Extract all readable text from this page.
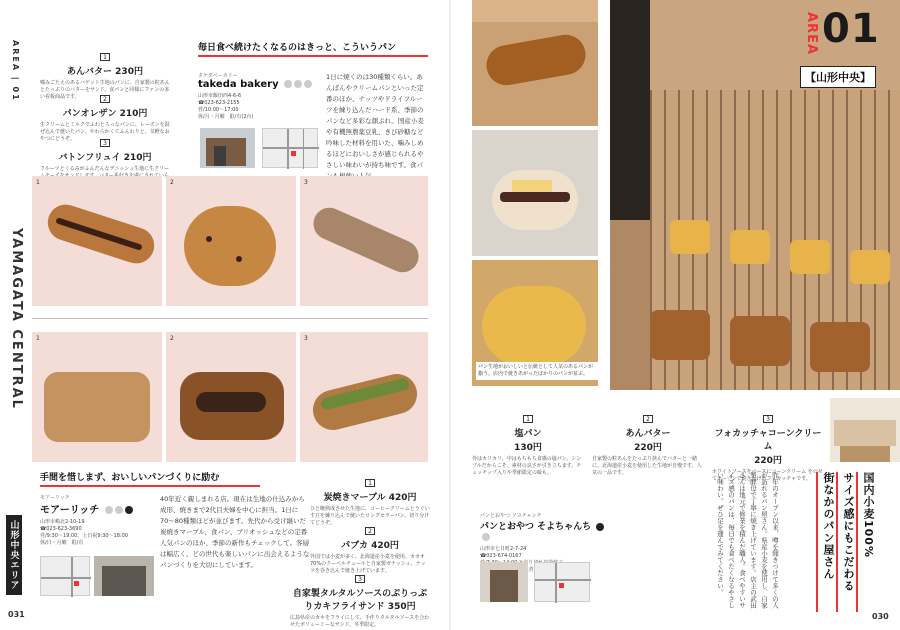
AREA | 01
YAMAGATA CENTRAL
山形中央エリア
031
1
あんバター 230円
噛みごたえのあるバゲット生地のパンに、自家製の粒あんとたっぷりのバターをサンド。食パンと同様にファンの多い看板商品です。	2
パンオレザン 210円
生クリームとミルクでふわとろっなパンに、レーズンを混ぜ込んで焼いたパン。やわらかくてふんわりと、気軽なおやつにどうぞ。
3
バトンフリュイ 210円
フルーツとくるみがふんだんなデニッシュ生地に生クリー
毎日食べ続けたくなるのはきっと、こういうパン
タケダベーカリー
takeda bakery
山形市飯田西4-6-6
☎023-623-2155
営/10:00〜17:00
休/月・月曜　駐/有(2台)
1日に焼くのは30種類くらい。あんぱんやクリームパンといった定番のほか、ナッツやドライフルーツを練り込んだハード系、季節のパンなど多彩な顔ぶれ。国産小麦や有機無農薬豆乳、きび砂糖など吟味した材料を用いた、噛みしめるほどにおいしさが感じられるやさしい味わいが持ち味です。食パ
1	2	3
1	2	3
手間を惜しまず、おいしいパンづくりに励む
モアーリッチ
モアーリッチ
山形市嶋北2-10-19
☎023-623-3690
営/9:30〜19:00、土日祝9:30〜18:00
休/日・月曜　駐/有
40年近く親しまれる店。現在は生地の仕込みから成形、焼きまで2代目夫婦を中心に担当。1日に70〜80種類ほどが並びます。先代から受け継いだ炭焼きマーブル、食パン、ブリオッシュなどの定番人気パンのほか、季節の新作もチェックして。客層は幅広く、どの世代も楽しいパンに出会えるようなパンづくりを大切にしています。
1
炭焼きマーブル 420円
ひと晩熟成させた生地に、コーヒークリームとうぐいす豆を練り込んで焼いたロングセラーパン。切り分けてどうぞ。
2
パブカ 420円
外国では小麦が多く、北海道産小麦を使用。カカオ70%のクーベルチュールと自家製ガナッシュ、ナッツを巻き込んで焼き上げています。
3
自家製タルタルソースのぷりっぷりカキフライサンド 350円
広島県産のカキをフライにして、手作りタルタルソースを合わせたボリューミーなサンド。冬季限定。
パン生地がおいしいと伝統として人気のあるパンが揃う。店内で焼きあがったばかりのパンが並ぶ。
AREA 01
【山形中央】
1
塩パン
130円
外はカリカリ、中はもちもち食感の塩パン。シンプルだからこそ、素材の良さが引き立ちます。チュッチップ入りや季節限定の味も。
2
あんバター
220円
自家製の粒あんをたっぷり挟んでバターと一緒に。北海道産小麦を使用した生地が自慢です。人気の一品です。
3
フォカッチャコーンクリーム
220円
ホワイトソースをベースにコーンクリーム をのせてオーブンで焼き上げたフォカッチャです。
パンとおやつ ソヨチャンチ
パンとおやつ そよちゃんち
山形市七日町2-7-24
☎023-674-0167	昨年のオープン以来、噂を聞きつけて多くの人が訪れるパン屋さん。県産小麦を使用し、自家製酵母で丁寧に焼き上げています。店主の武田さんは地元で修業を積んだ職人。食べやすいサイズ感のパンは、毎日でも食べたくなるやさしい味わい。ぜひ足を運んでみてください。	国内小麦100%
サイズ感にもこだわる
街なかのパン屋さん
030
